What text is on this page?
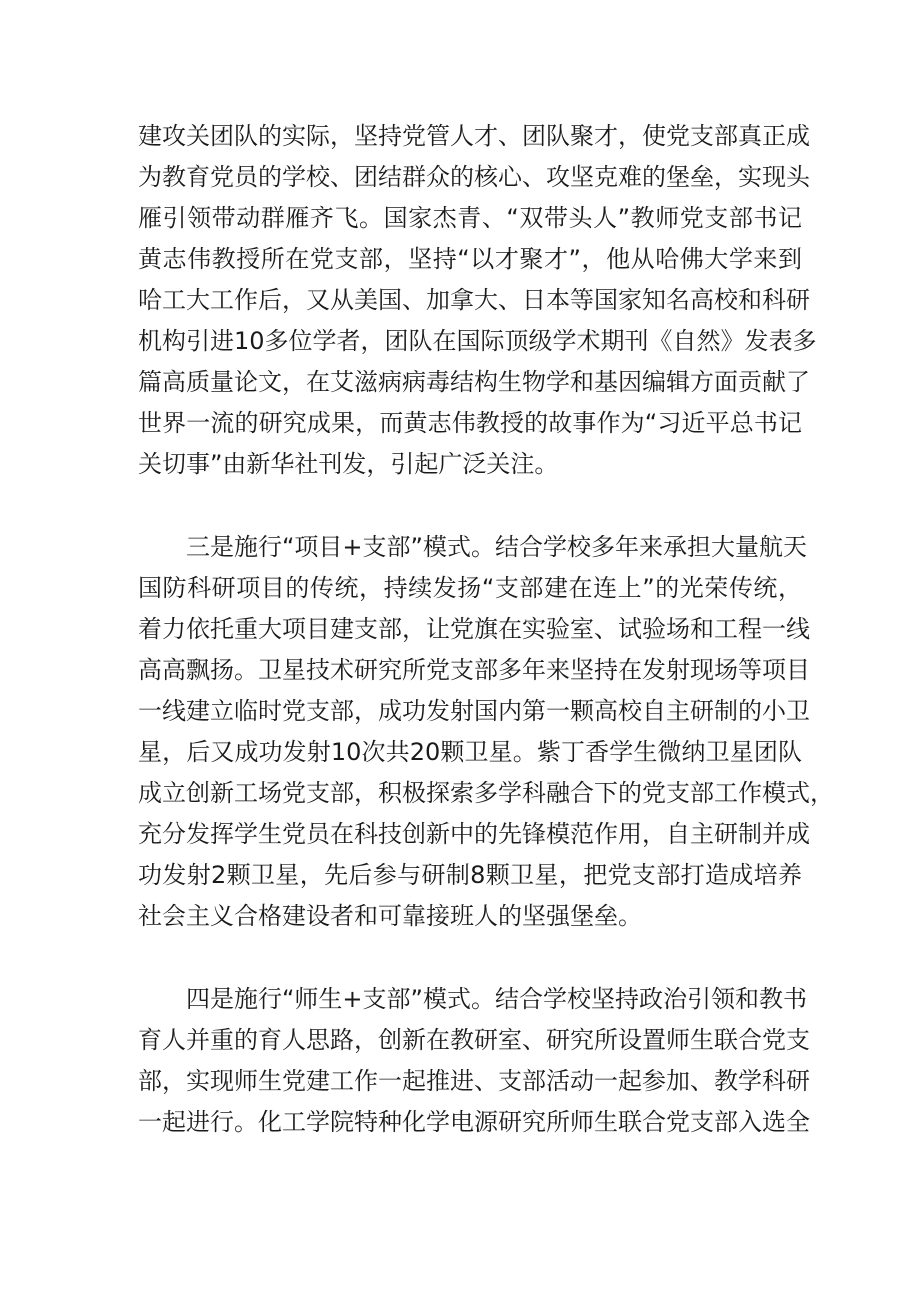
建攻关团队的实际，坚持党管人才、团队聚才，使党支部真正成
为教育党员的学校、团结群众的核心、攻坚克难的堡垒，实现头
雁引领带动群雁齐飞。国家杰青、“双带头人”教师党支部书记
黄志伟教授所在党支部，坚持“以才聚才”，他从哈佛大学来到
哈工大工作后，又从美国、加拿大、日本等国家知名高校和科研
机构引进10多位学者，团队在国际顶级学术期刊《自然》发表多
篇高质量论文，在艾滋病病毒结构生物学和基因编辑方面贡献了
世界一流的研究成果，而黄志伟教授的故事作为“习近平总书记
关切事”由新华社刊发，引起广泛关注。
三是施行“项目+支部”模式。结合学校多年来承担大量航天
国防科研项目的传统，持续发扬“支部建在连上”的光荣传统，
着力依托重大项目建支部，让党旗在实验室、试验场和工程一线
高高飘扬。卫星技术研究所党支部多年来坚持在发射现场等项目
一线建立临时党支部，成功发射国内第一颗高校自主研制的小卫
星，后又成功发射10次共20颗卫星。紫丁香学生微纳卫星团队
成立创新工场党支部，积极探索多学科融合下的党支部工作模式，
充分发挥学生党员在科技创新中的先锋模范作用，自主研制并成
功发射2颗卫星，先后参与研制8颗卫星，把党支部打造成培养
社会主义合格建设者和可靠接班人的坚强堡垒。
四是施行“师生+支部”模式。结合学校坚持政治引领和教书
育人并重的育人思路，创新在教研室、研究所设置师生联合党支
部，实现师生党建工作一起推进、支部活动一起参加、教学科研
一起进行。化工学院特种化学电源研究所师生联合党支部入选全
